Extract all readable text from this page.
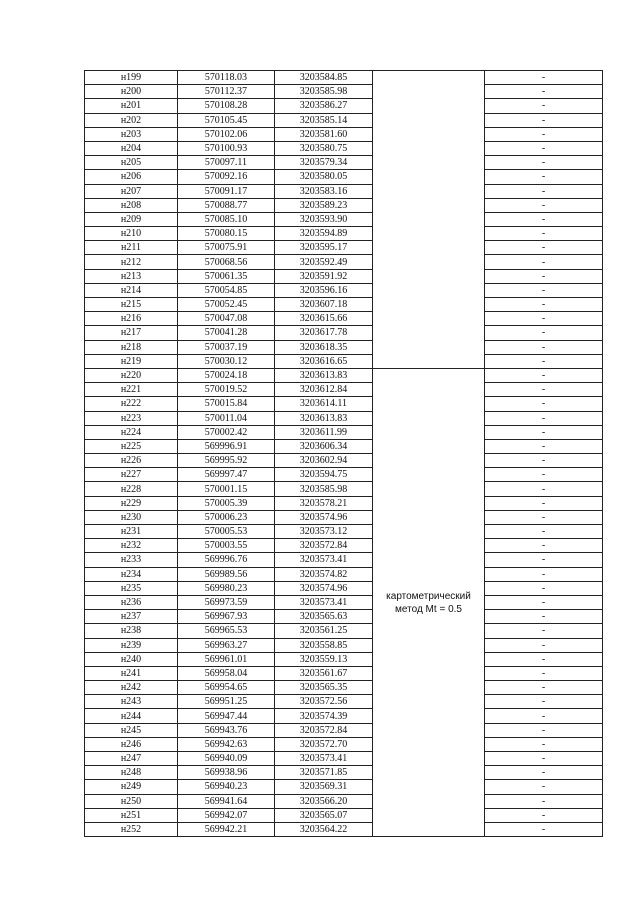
н199	570118.03	3203584.85		-
н200	570112.37	3203585.98		-
н201	570108.28	3203586.27		-
н202	570105.45	3203585.14		-
н203	570102.06	3203581.60		-
н204	570100.93	3203580.75		-
н205	570097.11	3203579.34		-
н206	570092.16	3203580.05		-
н207	570091.17	3203583.16		-
н208	570088.77	3203589.23		-
н209	570085.10	3203593.90		-
н210	570080.15	3203594.89		-
н211	570075.91	3203595.17		-
н212	570068.56	3203592.49		-
н213	570061.35	3203591.92		-
н214	570054.85	3203596.16		-
н215	570052.45	3203607.18		-
н216	570047.08	3203615.66		-
н217	570041.28	3203617.78		-
н218	570037.19	3203618.35		-
н219	570030.12	3203616.65		-
н220	570024.18	3203613.83	картометрический
метод Mt = 0.5	-
н221	570019.52	3203612.84		-
н222	570015.84	3203614.11		-
н223	570011.04	3203613.83		-
н224	570002.42	3203611.99		-
н225	569996.91	3203606.34		-
н226	569995.92	3203602.94		-
н227	569997.47	3203594.75		-
н228	570001.15	3203585.98		-
н229	570005.39	3203578.21		-
н230	570006.23	3203574.96		-
н231	570005.53	3203573.12		-
н232	570003.55	3203572.84		-
н233	569996.76	3203573.41		-
н234	569989.56	3203574.82		-
н235	569980.23	3203574.96		-
н236	569973.59	3203573.41		-
н237	569967.93	3203565.63		-
н238	569965.53	3203561.25		-
н239	569963.27	3203558.85		-
н240	569961.01	3203559.13		-
н241	569958.04	3203561.67		-
н242	569954.65	3203565.35		-
н243	569951.25	3203572.56		-
н244	569947.44	3203574.39		-
н245	569943.76	3203572.84		-
н246	569942.63	3203572.70		-
н247	569940.09	3203573.41		-
н248	569938.96	3203571.85		-
н249	569940.23	3203569.31		-
н250	569941.64	3203566.20		-
н251	569942.07	3203565.07		-
н252	569942.21	3203564.22		-
